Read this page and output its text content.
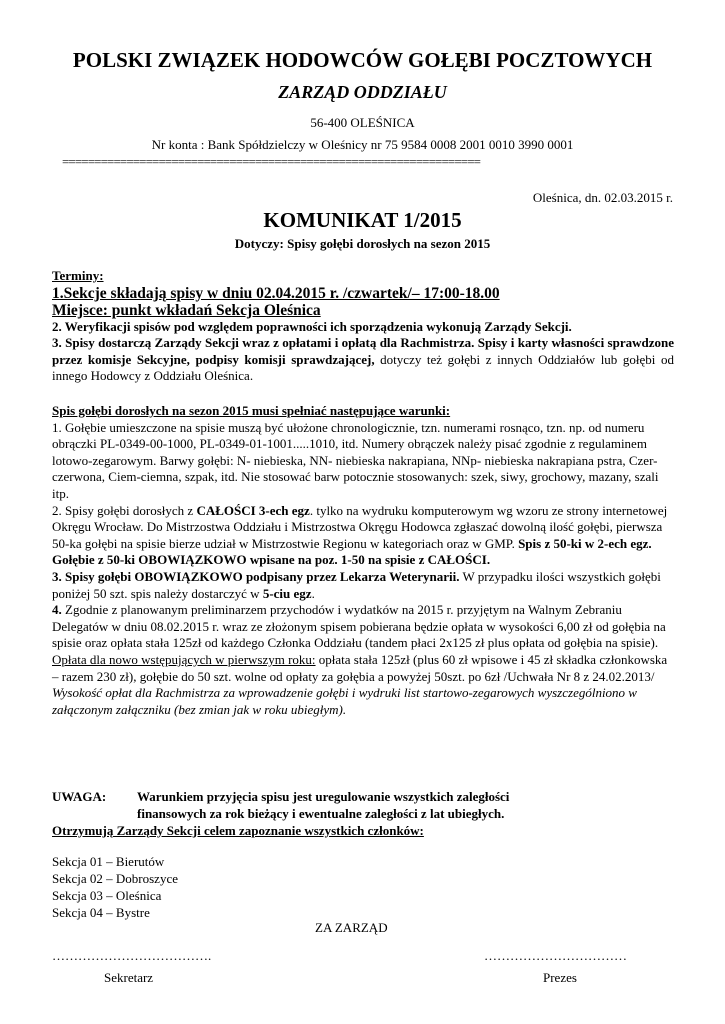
POLSKI ZWIĄZEK HODOWCÓW GOŁĘBI POCZTOWYCH
ZARZĄD ODDZIAŁU
56-400 OLEŚNICA
Nr konta : Bank Spółdzielczy w Oleśnicy nr 75 9584 0008 2001 0010 3990 0001
=================================================================
Oleśnica, dn. 02.03.2015 r.
KOMUNIKAT 1/2015
Dotyczy: Spisy gołębi dorosłych na sezon 2015

Terminy:

1.Sekcje składają spisy w dniu 02.04.2015 r. /czwartek/– 17:00-18.00

Miejsce: punkt wkładań Sekcja Oleśnica

2. Weryfikacji spisów pod względem poprawności ich sporządzenia wykonują Zarządy Sekcji.

3. Spisy dostarczą Zarządy Sekcji wraz z opłatami i opłatą dla Rachmistrza. Spisy i karty własności sprawdzone przez komisje Sekcyjne, podpisy komisji sprawdzającej, dotyczy też gołębi z innych Oddziałów lub gołębi od innego Hodowcy z Oddziału Oleśnica.

Spis gołębi dorosłych na sezon 2015 musi spełniać następujące warunki:

1. Gołębie umieszczone na spisie muszą być ułożone chronologicznie, tzn. numerami rosnąco, tzn. np. od numeru obrączki PL-0349-00-1000, PL-0349-01-1001.....1010, itd. Numery obrączek należy pisać zgodnie z regulaminem lotowo-zegarowym. Barwy gołębi: N- niebieska, NN- niebieska nakrapiana, NNp- niebieska nakrapiana pstra, Czer- czerwona, Ciem-ciemna, szpak, itd. Nie stosować barw potocznie stosowanych: szek, siwy, grochowy, mazany, szali itp.

2. Spisy gołębi dorosłych z CAŁOŚCI 3-ech egz. tylko na wydruku komputerowym wg wzoru ze strony internetowej Okręgu Wrocław. Do Mistrzostwa Oddziału i Mistrzostwa Okręgu Hodowca zgłaszać dowolną ilość gołębi, pierwsza 50-ka gołębi na spisie bierze udział w Mistrzostwie Regionu w kategoriach oraz w GMP. Spis z 50-ki w 2-ech egz. Gołębie z 50-ki OBOWIĄZKOWO wpisane na poz. 1-50 na spisie z CAŁOŚCI.

3. Spisy gołębi OBOWIĄZKOWO podpisany przez Lekarza Weterynarii. W przypadku ilości wszystkich gołębi poniżej 50 szt. spis należy dostarczyć w 5-ciu egz.

4. Zgodnie z planowanym preliminarzem przychodów i wydatków na 2015 r. przyjętym na Walnym Zebraniu Delegatów w dniu 08.02.2015 r. wraz ze złożonym spisem pobierana będzie opłata w wysokości 6,00 zł od gołębia na spisie oraz opłata stała 125zł od każdego Członka Oddziału (tandem płaci 2x125 zł plus opłata od gołębia na spisie).

Opłata dla nowo wstępujących w pierwszym roku: opłata stała 125zł (plus 60 zł wpisowe i 45 zł składka członkowska – razem 230 zł), gołębie do 50 szt. wolne od opłaty za gołębia a powyżej 50szt. po 6zł /Uchwała Nr 8 z 24.02.2013/

Wysokość opłat dla Rachmistrza za wprowadzenie gołębi i wydruki list startowo-zegarowych wyszczególniono w załączonym załączniku (bez zmian jak w roku ubiegłym).

UWAGA: Warunkiem przyjęcia spisu jest uregulowanie wszystkich zaległości
finansowych za rok bieżący i ewentualne zaległości z lat ubiegłych.
Otrzymują Zarządy Sekcji celem zapoznanie wszystkich członków:
Sekcja 01 – Bierutów
Sekcja 02 – Dobroszyce
Sekcja 03 – Oleśnica
Sekcja 04 – Bystre
ZA ZARZĄD
……………………………….	……………………………
Sekretarz	Prezes
